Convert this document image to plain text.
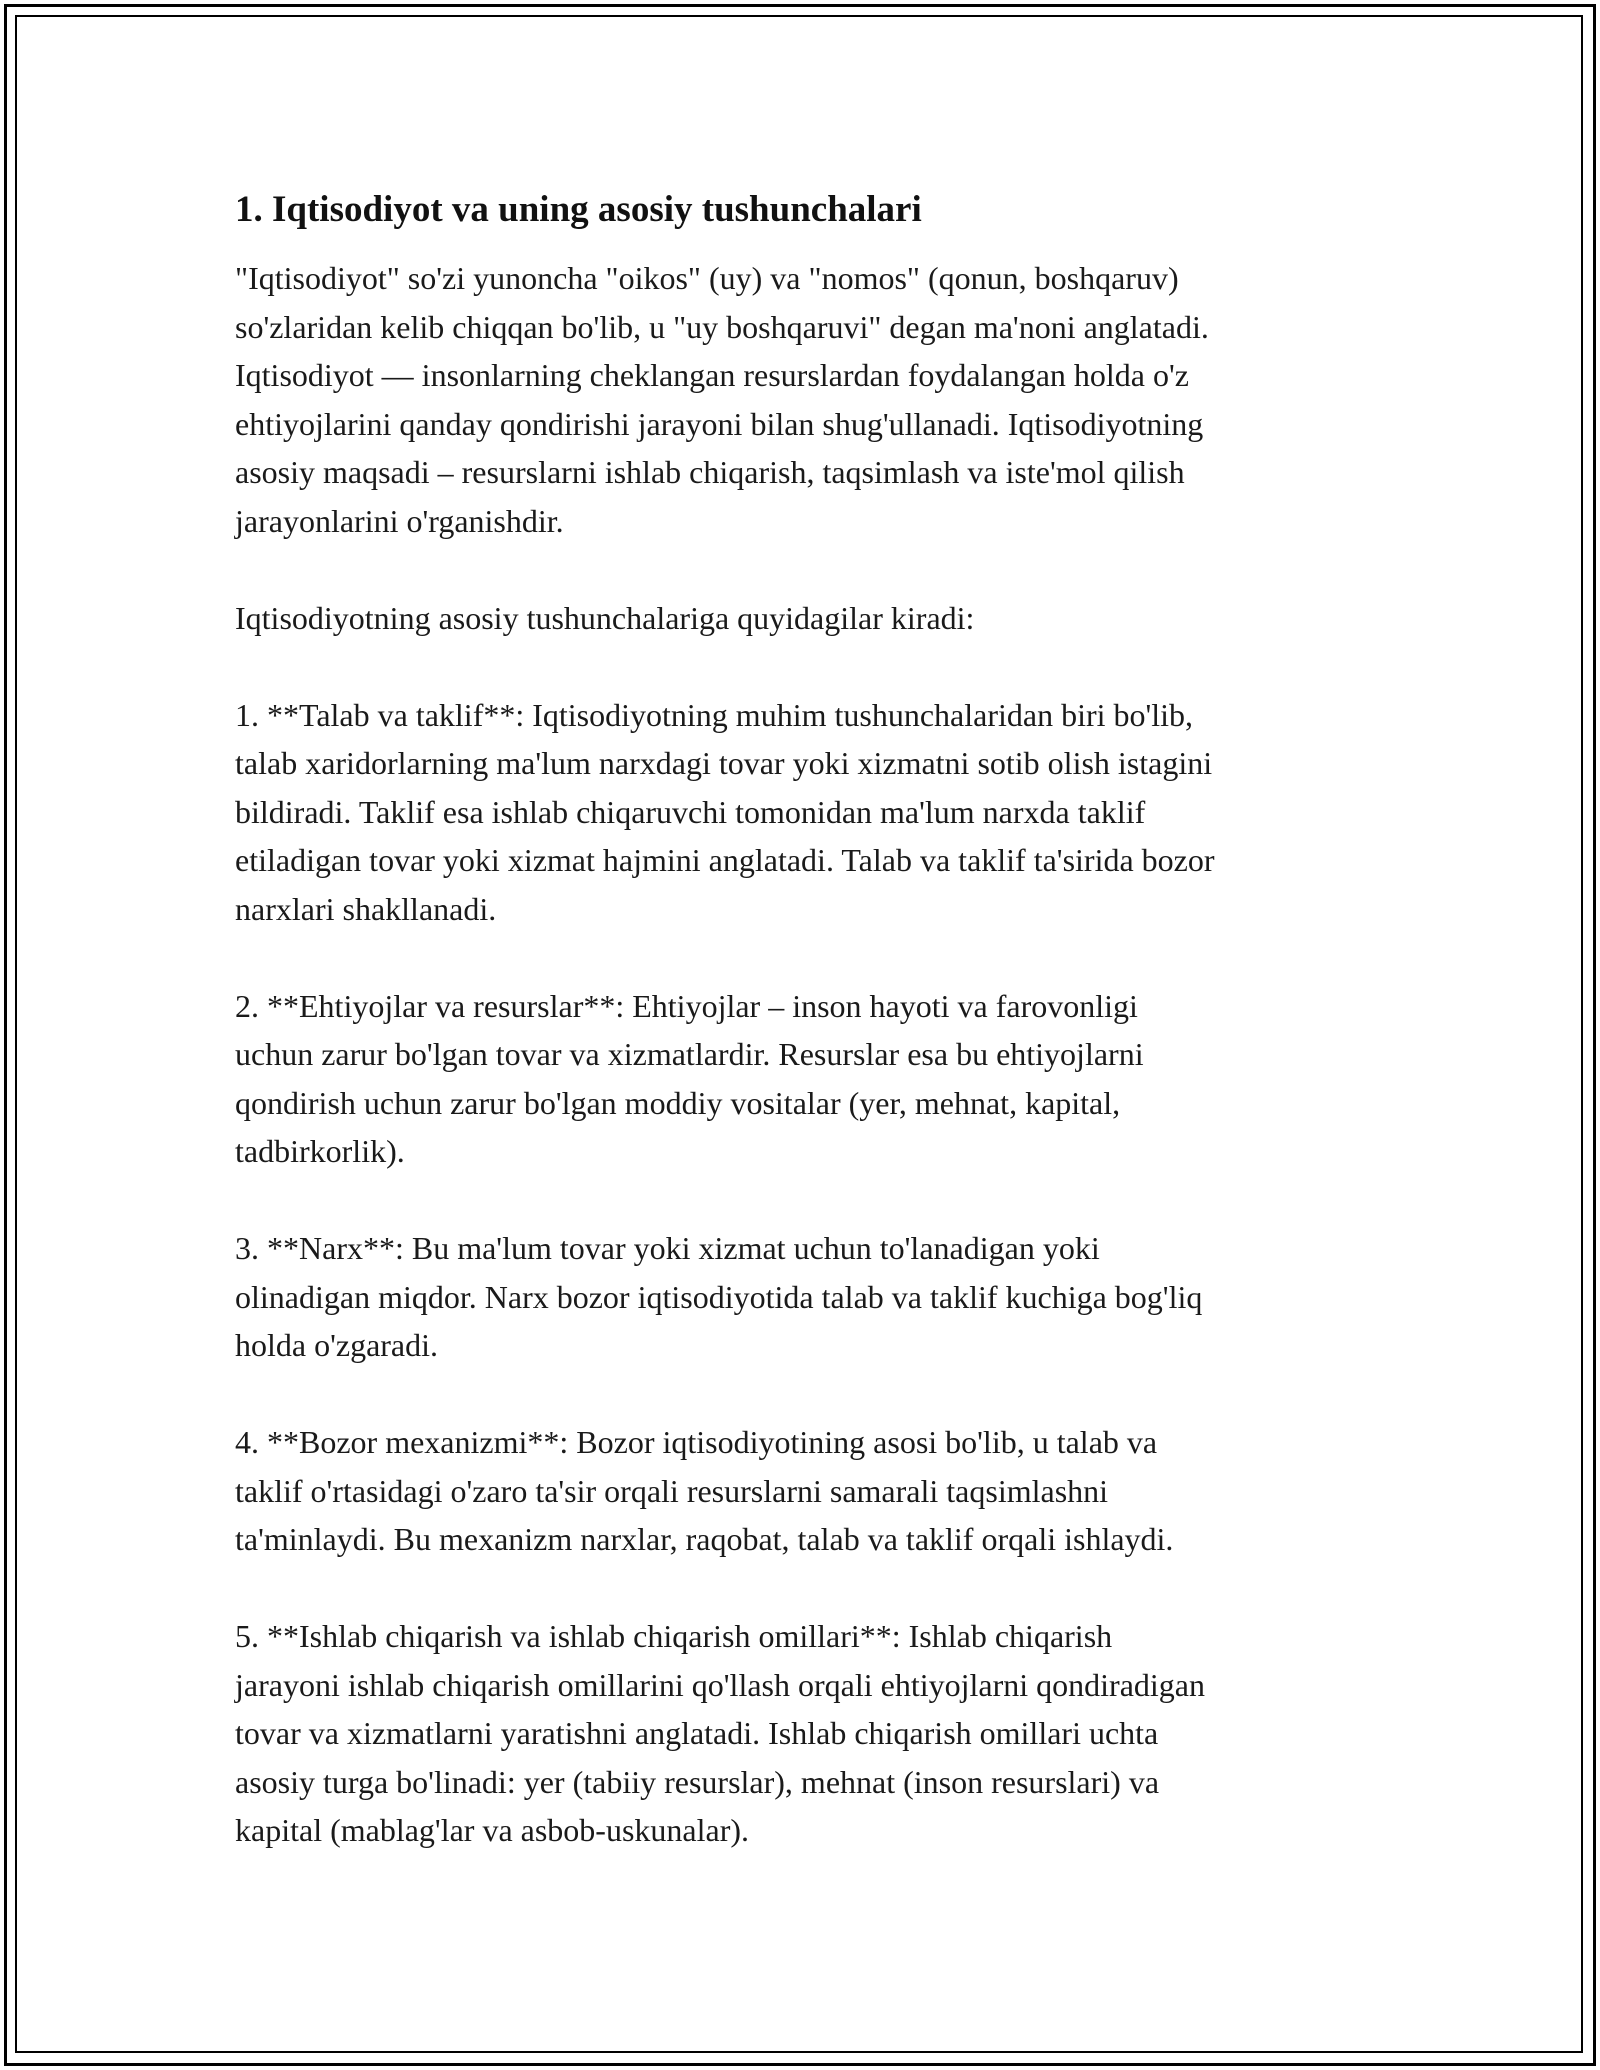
1. Iqtisodiyot va uning asosiy tushunchalari

"Iqtisodiyot" so'zi yunoncha "oikos" (uy) va "nomos" (qonun, boshqaruv)
so'zlaridan kelib chiqqan bo'lib, u "uy boshqaruvi" degan ma'noni anglatadi.
Iqtisodiyot — insonlarning cheklangan resurslardan foydalangan holda o'z
ehtiyojlarini qanday qondirishi jarayoni bilan shug'ullanadi. Iqtisodiyotning
asosiy maqsadi – resurslarni ishlab chiqarish, taqsimlash va iste'mol qilish
jarayonlarini o'rganishdir.

Iqtisodiyotning asosiy tushunchalariga quyidagilar kiradi:

1. **Talab va taklif**: Iqtisodiyotning muhim tushunchalaridan biri bo'lib,
talab xaridorlarning ma'lum narxdagi tovar yoki xizmatni sotib olish istagini
bildiradi. Taklif esa ishlab chiqaruvchi tomonidan ma'lum narxda taklif
etiladigan tovar yoki xizmat hajmini anglatadi. Talab va taklif ta'sirida bozor
narxlari shakllanadi.

2. **Ehtiyojlar va resurslar**: Ehtiyojlar – inson hayoti va farovonligi
uchun zarur bo'lgan tovar va xizmatlardir. Resurslar esa bu ehtiyojlarni
qondirish uchun zarur bo'lgan moddiy vositalar (yer, mehnat, kapital,
tadbirkorlik).

3. **Narx**: Bu ma'lum tovar yoki xizmat uchun to'lanadigan yoki
olinadigan miqdor. Narx bozor iqtisodiyotida talab va taklif kuchiga bog'liq
holda o'zgaradi.

4. **Bozor mexanizmi**: Bozor iqtisodiyotining asosi bo'lib, u talab va
taklif o'rtasidagi o'zaro ta'sir orqali resurslarni samarali taqsimlashni
ta'minlaydi. Bu mexanizm narxlar, raqobat, talab va taklif orqali ishlaydi.

5. **Ishlab chiqarish va ishlab chiqarish omillari**: Ishlab chiqarish
jarayoni ishlab chiqarish omillarini qo'llash orqali ehtiyojlarni qondiradigan
tovar va xizmatlarni yaratishni anglatadi. Ishlab chiqarish omillari uchta
asosiy turga bo'linadi: yer (tabiiy resurslar), mehnat (inson resurslari) va
kapital (mablag'lar va asbob-uskunalar).
